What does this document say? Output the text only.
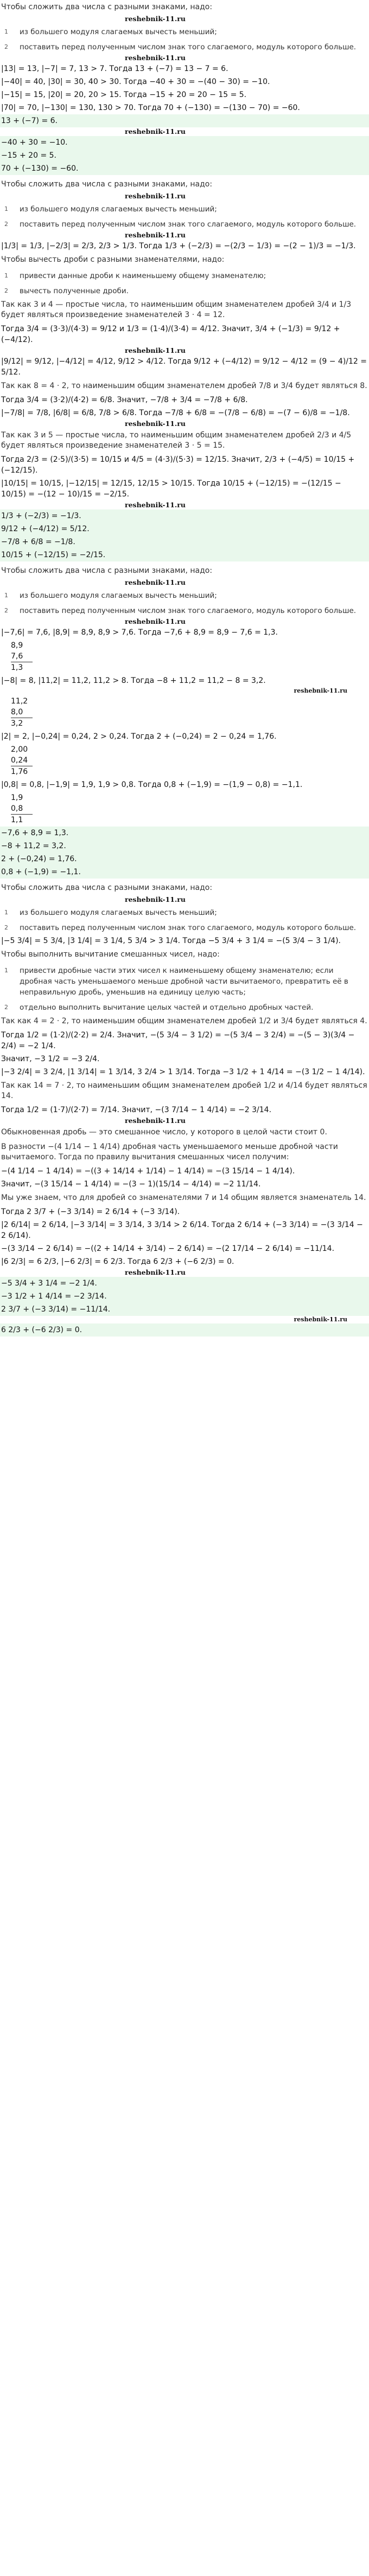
Чтобы сложить два числа с разными знаками, надо:

reshebnik-11.ru
1	из большего модуля слагаемых вычесть меньший;
2	поставить перед полученным числом знак того слагаемого, модуль которого больше.
reshebnik-11.ru

|13| = 13, |−7| = 7, 13 > 7. Тогда 13 + (−7) = 13 − 7 = 6.

|−40| = 40, |30| = 30, 40 > 30. Тогда −40 + 30 = −(40 − 30) = −10.

|−15| = 15, |20| = 20, 20 > 15. Тогда −15 + 20 = 20 − 15 = 5.

|70| = 70, |−130| = 130, 130 > 70. Тогда 70 + (−130) = −(130 − 70) = −60.

13 + (−7) = 6.

reshebnik-11.ru

−40 + 30 = −10.

−15 + 20 = 5.

70 + (−130) = −60.

Чтобы сложить два числа с разными знаками, надо:

reshebnik-11.ru
1	из большего модуля слагаемых вычесть меньший;
2	поставить перед полученным числом знак того слагаемого, модуль которого больше.
reshebnik-11.ru

|1/3| = 1/3, |−2/3| = 2/3, 2/3 > 1/3. Тогда 1/3 + (−2/3) = −(2/3 − 1/3) = −(2 − 1)/3 = −1/3.

Чтобы вычесть дроби с разными знаменателями, надо:

1	привести данные дроби к наименьшему общему знаменателю;
2	вычесть полученные дроби.

Так как 3 и 4 — простые числа, то наименьшим общим знаменателем дробей 3/4 и 1/3 будет являться произведение знаменателей 3 · 4 = 12.

Тогда 3/4 = (3·3)/(4·3) = 9/12 и 1/3 = (1·4)/(3·4) = 4/12. Значит, 3/4 + (−1/3) = 9/12 + (−4/12).

reshebnik-11.ru

|9/12| = 9/12, |−4/12| = 4/12, 9/12 > 4/12. Тогда 9/12 + (−4/12) = 9/12 − 4/12 = (9 − 4)/12 = 5/12.

Так как 8 = 4 · 2, то наименьшим общим знаменателем дробей 7/8 и 3/4 будет являться 8.

Тогда 3/4 = (3·2)/(4·2) = 6/8. Значит, −7/8 + 3/4 = −7/8 + 6/8.

|−7/8| = 7/8, |6/8| = 6/8, 7/8 > 6/8. Тогда −7/8 + 6/8 = −(7/8 − 6/8) = −(7 − 6)/8 = −1/8.

reshebnik-11.ru

Так как 3 и 5 — простые числа, то наименьшим общим знаменателем дробей 2/3 и 4/5 будет являться произведение знаменателей 3 · 5 = 15.

Тогда 2/3 = (2·5)/(3·5) = 10/15 и 4/5 = (4·3)/(5·3) = 12/15. Значит, 2/3 + (−4/5) = 10/15 + (−12/15).

|10/15| = 10/15, |−12/15| = 12/15, 12/15 > 10/15. Тогда 10/15 + (−12/15) = −(12/15 − 10/15) = −(12 − 10)/15 = −2/15.

reshebnik-11.ru

1/3 + (−2/3) = −1/3.

9/12 + (−4/12) = 5/12.

−7/8 + 6/8 = −1/8.

10/15 + (−12/15) = −2/15.

Чтобы сложить два числа с разными знаками, надо:

reshebnik-11.ru
1	из большего модуля слагаемых вычесть меньший;
2	поставить перед полученным числом знак того слагаемого, модуль которого больше.
reshebnik-11.ru

|−7,6| = 7,6, |8,9| = 8,9, 8,9 > 7,6. Тогда −7,6 + 8,9 = 8,9 − 7,6 = 1,3.

8,9
7,6
1,3

|−8| = 8, |11,2| = 11,2, 11,2 > 8. Тогда −8 + 11,2 = 11,2 − 8 = 3,2.

reshebnik-11.ru
11,2
8,0
3,2

|2| = 2, |−0,24| = 0,24, 2 > 0,24. Тогда 2 + (−0,24) = 2 − 0,24 = 1,76.

2,00
0,24
1,76

|0,8| = 0,8, |−1,9| = 1,9, 1,9 > 0,8. Тогда 0,8 + (−1,9) = −(1,9 − 0,8) = −1,1.

1,9
0,8
1,1

−7,6 + 8,9 = 1,3.

−8 + 11,2 = 3,2.

2 + (−0,24) = 1,76.

0,8 + (−1,9) = −1,1.

Чтобы сложить два числа с разными знаками, надо:

reshebnik-11.ru
1	из большего модуля слагаемых вычесть меньший;
2	поставить перед полученным числом знак того слагаемого, модуль которого больше.

|−5 3/4| = 5 3/4, |3 1/4| = 3 1/4, 5 3/4 > 3 1/4. Тогда −5 3/4 + 3 1/4 = −(5 3/4 − 3 1/4).

Чтобы выполнить вычитание смешанных чисел, надо:

1	привести дробные части этих чисел к наименьшему общему знаменателю; если дробная часть уменьшаемого меньше дробной части вычитаемого, превратить её в неправильную дробь, уменьшив на единицу целую часть;
2	отдельно выполнить вычитание целых частей и отдельно дробных частей.

Так как 4 = 2 · 2, то наименьшим общим знаменателем дробей 1/2 и 3/4 будет являться 4.

Тогда 1/2 = (1·2)/(2·2) = 2/4. Значит, −(5 3/4 − 3 1/2) = −(5 3/4 − 3 2/4) = −(5 − 3)(3/4 − 2/4) = −2 1/4.

Значит, −3 1/2 = −3 2/4.

|−3 2/4| = 3 2/4, |1 3/14| = 1 3/14, 3 2/4 > 1 3/14. Тогда −3 1/2 + 1 4/14 = −(3 1/2 − 1 4/14).

Так как 14 = 7 · 2, то наименьшим общим знаменателем дробей 1/2 и 4/14 будет являться 14.

Тогда 1/2 = (1·7)/(2·7) = 7/14. Значит, −(3 7/14 − 1 4/14) = −2 3/14.

reshebnik-11.ru

Обыкновенная дробь — это смешанное число, у которого в целой части стоит 0.

В разности −(4 1/14 − 1 4/14) дробная часть уменьшаемого меньше дробной части вычитаемого. Тогда по правилу вычитания смешанных чисел получим:

−(4 1/14 − 1 4/14) = −((3 + 14/14 + 1/14) − 1 4/14) = −(3 15/14 − 1 4/14).

Значит, −(3 15/14 − 1 4/14) = −(3 − 1)(15/14 − 4/14) = −2 11/14.

Мы уже знаем, что для дробей со знаменателями 7 и 14 общим является знаменатель 14.

Тогда 2 3/7 + (−3 3/14) = 2 6/14 + (−3 3/14).

|2 6/14| = 2 6/14, |−3 3/14| = 3 3/14, 3 3/14 > 2 6/14. Тогда 2 6/14 + (−3 3/14) = −(3 3/14 − 2 6/14).

−(3 3/14 − 2 6/14) = −((2 + 14/14 + 3/14) − 2 6/14) = −(2 17/14 − 2 6/14) = −11/14.

|6 2/3| = 6 2/3, |−6 2/3| = 6 2/3. Тогда 6 2/3 + (−6 2/3) = 0.

reshebnik-11.ru

−5 3/4 + 3 1/4 = −2 1/4.

−3 1/2 + 1 4/14 = −2 3/14.

2 3/7 + (−3 3/14) = −11/14.

reshebnik-11.ru

6 2/3 + (−6 2/3) = 0.
